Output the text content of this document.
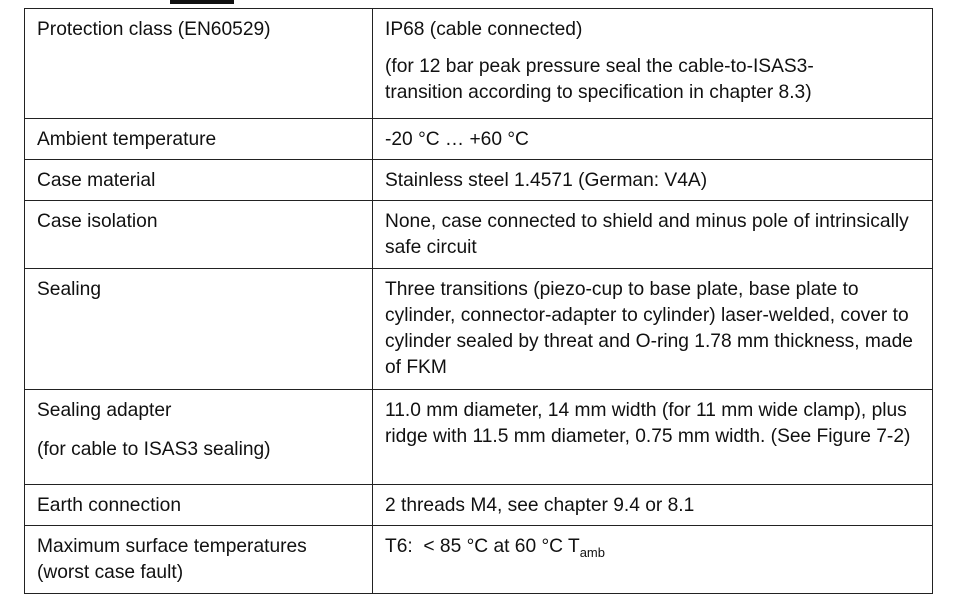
Protection class (EN60529)	IP68 (cable connected)
(for 12 bar peak pressure seal the cable-to-ISAS3-transition according to specification in chapter 8.3)

Ambient temperature	-20 °C … +60 °C
Case material	Stainless steel 1.4571 (German: V4A)
Case isolation	None, case connected to shield and minus pole of intrinsically safe circuit
Sealing	Three transitions (piezo-cup to base plate, base plate to cylinder, connector-adapter to cylinder) laser-welded, cover to cylinder sealed by threat and O-ring 1.78 mm thickness, made of FKM

Sealing adapter
(for cable to ISAS3 sealing)	11.0 mm diameter, 14 mm width (for 11 mm wide clamp), plus ridge with 11.5 mm diameter, 0.75 mm width. (See Figure 7-2)
Earth connection	2 threads M4, see chapter 9.4 or 8.1

Maximum surface temperatures (worst case fault)	T6:  < 85 °C at 60 °C $T_{amb}$
